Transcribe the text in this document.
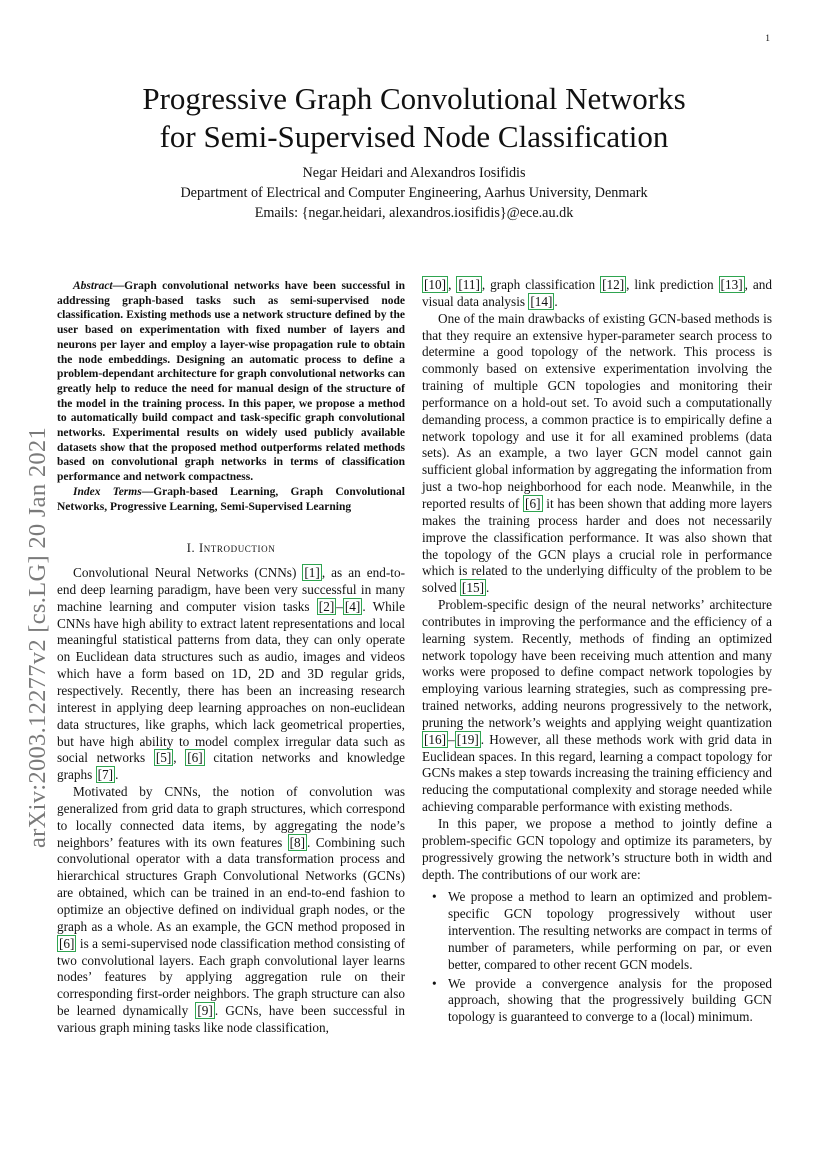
1
arXiv:2003.12277v2 [cs.LG] 20 Jan 2021
Progressive Graph Convolutional Networks
for Semi-Supervised Node Classification
Negar Heidari and Alexandros Iosifidis
Department of Electrical and Computer Engineering, Aarhus University, Denmark
Emails: {negar.heidari, alexandros.iosifidis}@ece.au.dk

Abstract—Graph convolutional networks have been successful in addressing graph-based tasks such as semi-supervised node classification. Existing methods use a network structure defined by the user based on experimentation with fixed number of layers and neurons per layer and employ a layer-wise propagation rule to obtain the node embeddings. Designing an automatic process to define a problem-dependant architecture for graph convolutional networks can greatly help to reduce the need for manual design of the structure of the model in the training process. In this paper, we propose a method to automatically build compact and task-specific graph convolutional networks. Experimental results on widely used publicly available datasets show that the proposed method outperforms related methods based on convolutional graph networks in terms of classification performance and network compactness.

Index Terms—Graph-based Learning, Graph Convolutional Networks, Progressive Learning, Semi-Supervised Learning

I. Introduction

Convolutional Neural Networks (CNNs) [1] , as an end-to-end deep learning paradigm, have been very successful in many machine learning and computer vision tasks [2] – [4] . While CNNs have high ability to extract latent representations and local meaningful statistical patterns from data, they can only operate on Euclidean data structures such as audio, images and videos which have a form based on 1D, 2D and 3D regular grids, respectively. Recently, there has been an increasing research interest in applying deep learning approaches on non-euclidean data structures, like graphs, which lack geometrical properties, but have high ability to model complex irregular data such as social networks [5] , [6] citation networks and knowledge graphs [7] .

Motivated by CNNs, the notion of convolution was generalized from grid data to graph structures, which correspond to locally connected data items, by aggregating the node’s neighbors’ features with its own features [8] . Combining such convolutional operator with a data transformation process and hierarchical structures Graph Convolutional Networks (GCNs) are obtained, which can be trained in an end-to-end fashion to optimize an objective defined on individual graph nodes, or the graph as a whole. As an example, the GCN method proposed in [6] is a semi-supervised node classification method consisting of two convolutional layers. Each graph convolutional layer learns nodes’ features by applying aggregation rule on their corresponding first-order neighbors. The graph structure can also be learned dynamically [9] . GCNs, have been successful in various graph mining tasks like node classification,

[10] , [11] , graph classification [12] , link prediction [13] , and visual data analysis [14] .

One of the main drawbacks of existing GCN-based methods is that they require an extensive hyper-parameter search process to determine a good topology of the network. This process is commonly based on extensive experimentation involving the training of multiple GCN topologies and monitoring their performance on a hold-out set. To avoid such a computationally demanding process, a common practice is to empirically define a network topology and use it for all examined problems (data sets). As an example, a two layer GCN model cannot gain sufficient global information by aggregating the information from just a two-hop neighborhood for each node. Meanwhile, in the reported results of [6] it has been shown that adding more layers makes the training process harder and does not necessarily improve the classification performance. It was also shown that the topology of the GCN plays a crucial role in performance which is related to the underlying difficulty of the problem to be solved [15] .

Problem-specific design of the neural networks’ architecture contributes in improving the performance and the efficiency of a learning system. Recently, methods of finding an optimized network topology have been receiving much attention and many works were proposed to define compact network topologies by employing various learning strategies, such as compressing pre-trained networks, adding neurons progressively to the network, pruning the network’s weights and applying weight quantization [16] – [19] . However, all these methods work with grid data in Euclidean spaces. In this regard, learning a compact topology for GCNs makes a step towards increasing the training efficiency and reducing the computational complexity and storage needed while achieving comparable performance with existing methods.

In this paper, we propose a method to jointly define a problem-specific GCN topology and optimize its parameters, by progressively growing the network’s structure both in width and depth. The contributions of our work are:

• We propose a method to learn an optimized and problem-specific GCN topology progressively without user intervention. The resulting networks are compact in terms of number of parameters, while performing on par, or even better, compared to other recent GCN models.
• We provide a convergence analysis for the proposed approach, showing that the progressively building GCN topology is guaranteed to converge to a (local) minimum.
